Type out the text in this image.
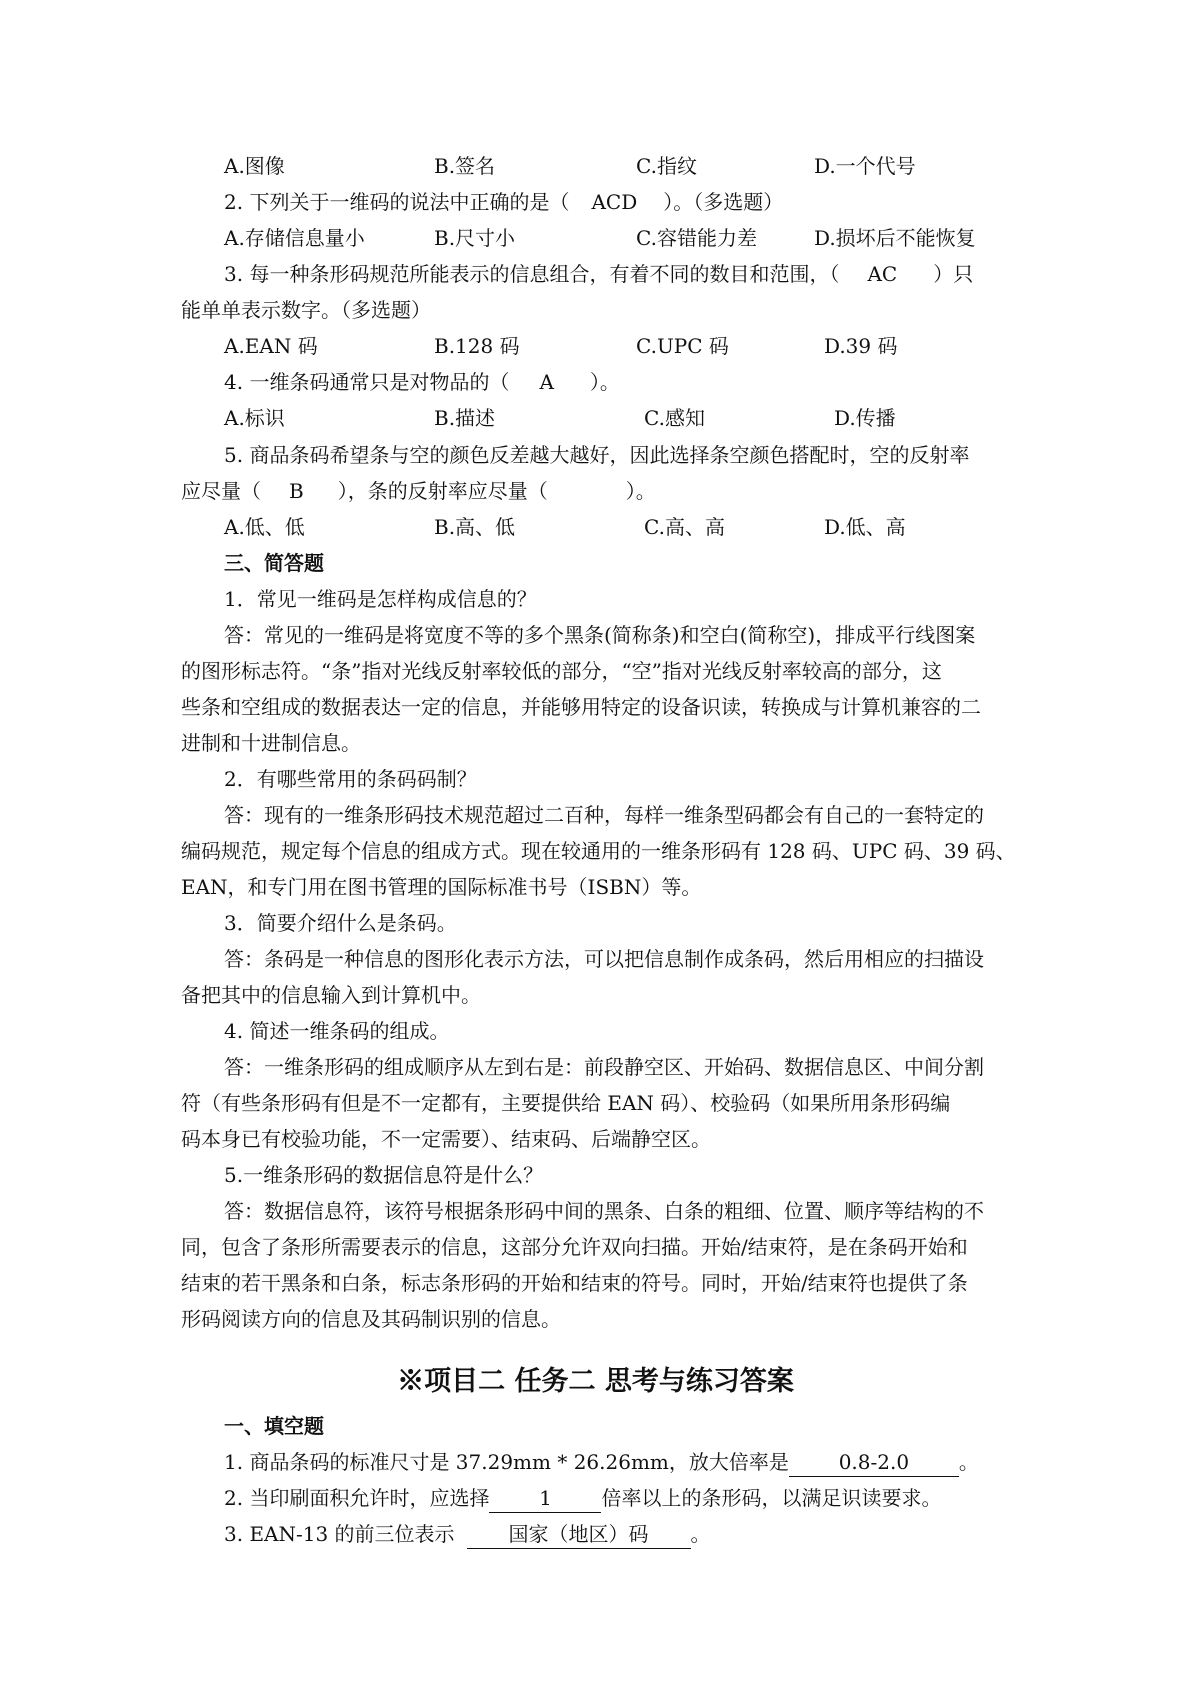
A.图像	B.签名	C.指纹	D.一个代号
2. 下列关于一维码的说法中正确的是（ ACD ）。（多选题）
A.存储信息量小	B.尺寸小	C.容错能力差	D.损坏后不能恢复
3. 每一种条形码规范所能表示的信息组合，有着不同的数目和范围，（ AC ）只
能单单表示数字。（多选题）
A.EAN 码	B.128 码	C.UPC 码	D.39 码
4. 一维条码通常只是对物品的（ A ）。
A.标识	B.描述	C.感知	D.传播
5. 商品条码希望条与空的颜色反差越大越好，因此选择条空颜色搭配时，空的反射率
应尽量（ B ），条的反射率应尽量（	）。
A.低、低	B.高、低	C.高、高	D.低、高
三、简答题
1．常见一维码是怎样构成信息的？
答：常见的一维码是将宽度不等的多个黑条(简称条)和空白(简称空)，排成平行线图案
的图形标志符。“条”指对光线反射率较低的部分，“空”指对光线反射率较高的部分，这
些条和空组成的数据表达一定的信息，并能够用特定的设备识读，转换成与计算机兼容的二
进制和十进制信息。
2．有哪些常用的条码码制？
答：现有的一维条形码技术规范超过二百种，每样一维条型码都会有自己的一套特定的
编码规范，规定每个信息的组成方式。现在较通用的一维条形码有 128 码、UPC 码、39 码、
EAN，和专门用在图书管理的国际标准书号（ISBN）等。
3．简要介绍什么是条码。
答：条码是一种信息的图形化表示方法，可以把信息制作成条码，然后用相应的扫描设
备把其中的信息输入到计算机中。
4. 简述一维条码的组成。
答：一维条形码的组成顺序从左到右是：前段静空区、开始码、数据信息区、中间分割
符（有些条形码有但是不一定都有，主要提供给 EAN 码）、校验码（如果所用条形码编
码本身已有校验功能，不一定需要）、结束码、后端静空区。
5.一维条形码的数据信息符是什么？
答：数据信息符，该符号根据条形码中间的黑条、白条的粗细、位置、顺序等结构的不
同，包含了条形所需要表示的信息，这部分允许双向扫描。开始/结束符，是在条码开始和
结束的若干黑条和白条，标志条形码的开始和结束的符号。同时，开始/结束符也提供了条
形码阅读方向的信息及其码制识别的信息。
※项目二 任务二 思考与练习答案
一、填空题
1. 商品条码的标准尺寸是 37.29mm * 26.26mm，放大倍率是 0.8-2.0 。
2. 当印刷面积允许时，应选择 1 倍率以上的条形码，以满足识读要求。
3. EAN-13 的前三位表示	国家（地区）码 。
